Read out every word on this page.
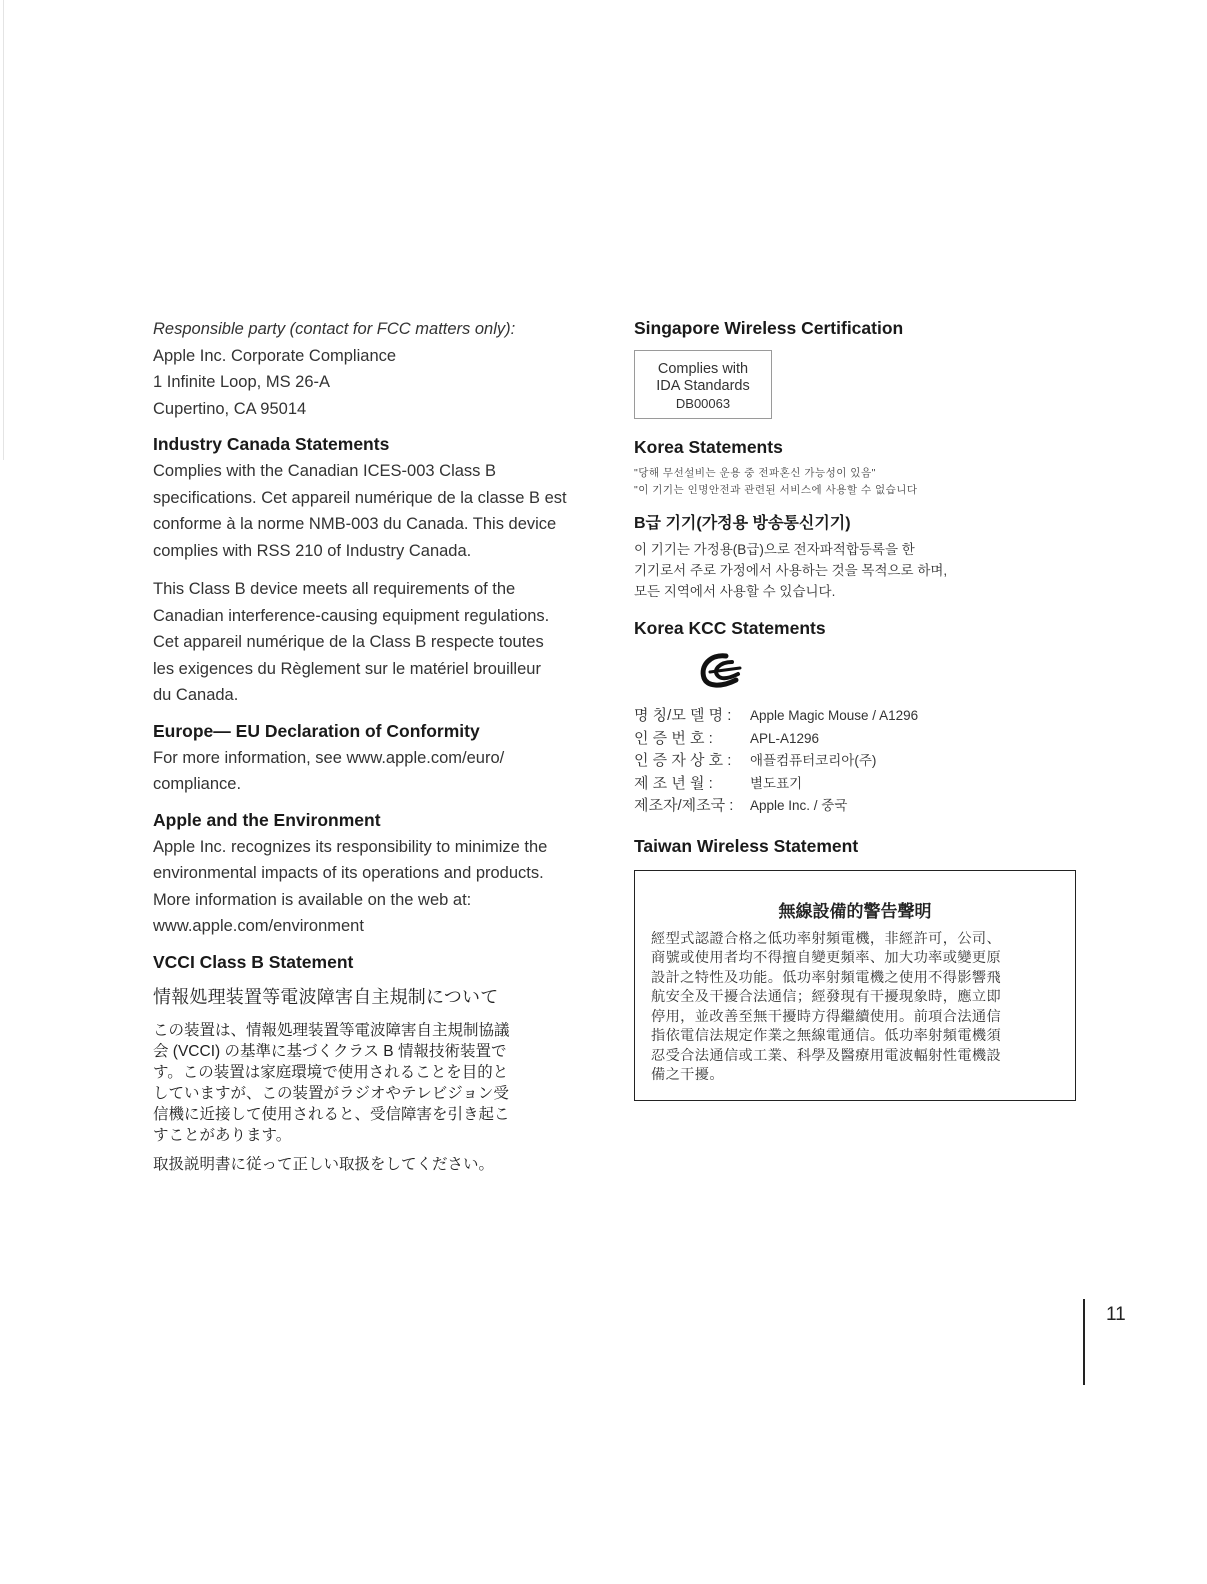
Responsible party (contact for FCC matters only):
Apple Inc. Corporate Compliance
1 Infinite Loop, MS 26-A
Cupertino, CA 95014
Industry Canada Statements
Complies with the Canadian ICES-003 Class B
specifications. Cet appareil numérique de la classe B est
conforme à la norme NMB-003 du Canada. This device
complies with RSS 210 of Industry Canada.
This Class B device meets all requirements of the
Canadian interference-causing equipment regulations.
Cet appareil numérique de la Class B respecte toutes
les exigences du Règlement sur le matériel brouilleur
du Canada.
Europe— EU Declaration of Conformity
For more information, see www.apple.com/euro/
compliance.
Apple and the Environment
Apple Inc. recognizes its responsibility to minimize the
environmental impacts of its operations and products.
More information is available on the web at:
www.apple.com/environment
VCCI Class B Statement
情報処理装置等電波障害自主規制について
この装置は、情報処理装置等電波障害自主規制協議
会 (VCCI) の基準に基づくクラス B 情報技術装置で
す。この装置は家庭環境で使用されることを目的と
していますが、この装置がラジオやテレビジョン受
信機に近接して使用されると、受信障害を引き起こ
すことがあります。
取扱説明書に従って正しい取扱をしてください。
Singapore Wireless Certification
Complies with
IDA Standards
DB00063
Korea Statements
"당해 무선설비는 운용 중 전파혼신 가능성이 있음"
"이 기기는 인명안전과 관련된 서비스에 사용할 수 없습니다
B급 기기(가정용 방송통신기기)
이 기기는 가정용(B급)으로 전자파적합등록을 한
기기로서 주로 가정에서 사용하는 것을 목적으로 하며,
모든 지역에서 사용할 수 있습니다.
Korea KCC Statements
명 칭/모 델 명 :	Apple Magic Mouse / A1296
인 증 번 호 :	APL-A1296
인 증 자 상 호 :	애플컴퓨터코리아(주)
제 조 년 월 :	별도표기
제조자/제조국 :	Apple Inc. / 중국
Taiwan Wireless Statement
無線設備的警告聲明
經型式認證合格之低功率射頻電機，非經許可，公司、
商號或使用者均不得擅自變更頻率、加大功率或變更原
設計之特性及功能。低功率射頻電機之使用不得影響飛
航安全及干擾合法通信；經發現有干擾現象時，應立即
停用，並改善至無干擾時方得繼續使用。前項合法通信
指依電信法規定作業之無線電通信。低功率射頻電機須
忍受合法通信或工業、科學及醫療用電波輻射性電機設
備之干擾。
11
